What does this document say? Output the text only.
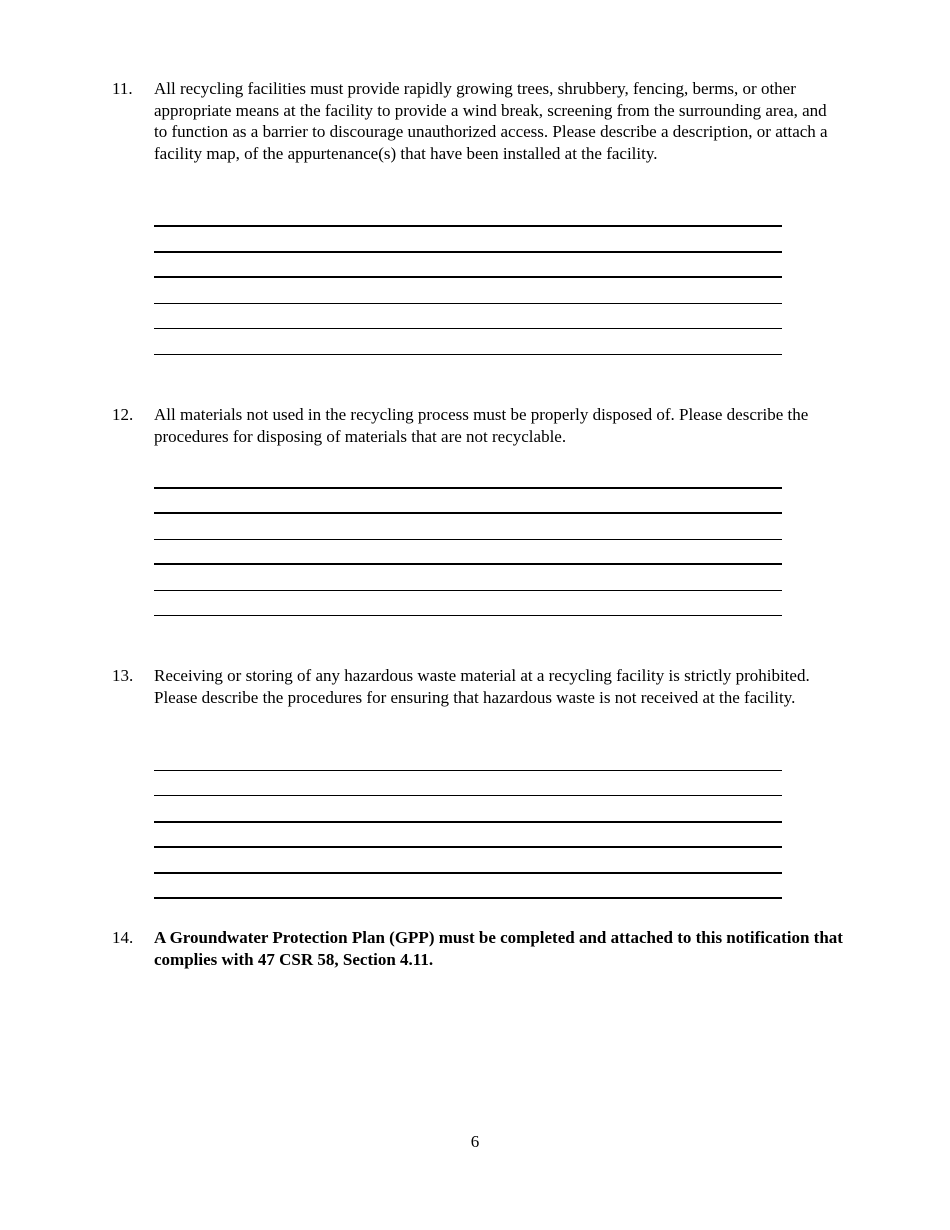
11. All recycling facilities must provide rapidly growing trees, shrubbery, fencing, berms, or other appropriate means at the facility to provide a wind break, screening from the surrounding area, and to function as a barrier to discourage unauthorized access. Please describe a description, or attach a facility map, of the appurtenance(s) that have been installed at the facility.
12. All materials not used in the recycling process must be properly disposed of. Please describe the procedures for disposing of materials that are not recyclable.
13. Receiving or storing of any hazardous waste material at a recycling facility is strictly prohibited. Please describe the procedures for ensuring that hazardous waste is not received at the facility.
14. A Groundwater Protection Plan (GPP) must be completed and attached to this notification that complies with 47 CSR 58, Section 4.11.
6
